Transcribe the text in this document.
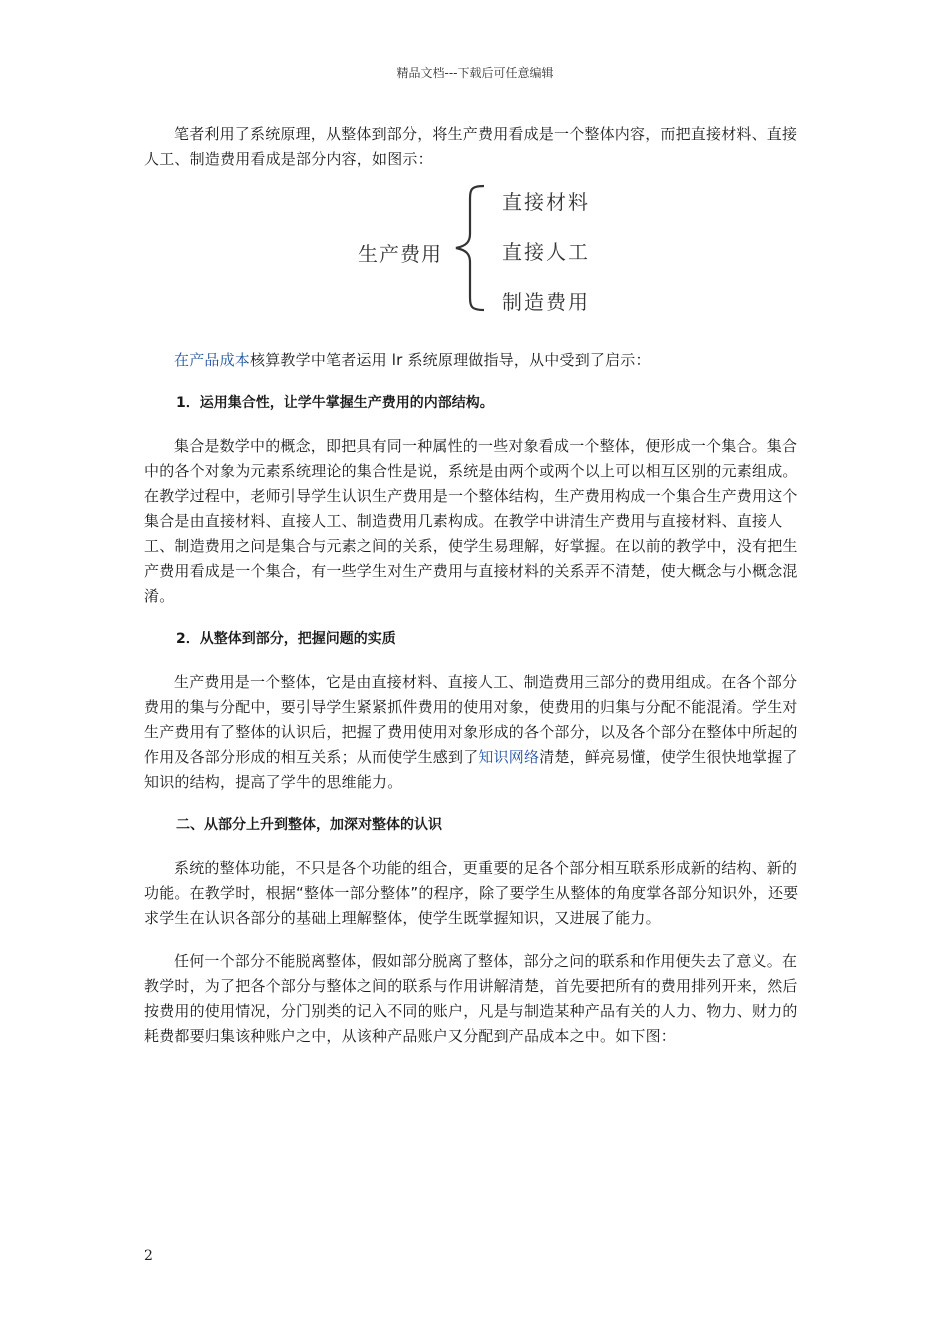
精品文档---下载后可任意编辑

笔者利用了系统原理，从整体到部分，将生产费用看成是一个整体内容，而把直接材料、直接人工、制造费用看成是部分内容，如图示：

生产费用
直接材料
直接人工
制造费用

在产品成本核算教学中笔者运用 lr 系统原理做指导，从中受到了启示：

1．运用集合性，让学牛掌握生产费用的内部结构。

集合是数学中的概念，即把具有同一种属性的一些对象看成一个整体，便形成一个集合。集合中的各个对象为元素系统理论的集合性是说，系统是由两个或两个以上可以相互区别的元素组成。在教学过程中，老师引导学生认识生产费用是一个整体结构，生产费用构成一个集合生产费用这个集合是由直接材料、直接人工、制造费用几素构成。在教学中讲清生产费用与直接材料、直接人工、制造费用之问是集合与元素之间的关系，使学生易理解，好掌握。在以前的教学中，没有把生产费用看成是一个集合，有一些学生对生产费用与直接材料的关系弄不清楚，使大概念与小概念混淆。

2．从整体到部分，把握问题的实质

生产费用是一个整体，它是由直接材料、直接人工、制造费用三部分的费用组成。在各个部分费用的集与分配中，要引导学生紧紧抓件费用的使用对象，使费用的归集与分配不能混淆。学生对生产费用有了整体的认识后，把握了费用使用对象形成的各个部分，以及各个部分在整体中所起的作用及各部分形成的相互关系；从而使学生感到了知识网络清楚，鲜亮易懂，使学生很快地掌握了知识的结构，提高了学牛的思维能力。

二、从部分上升到整体，加深对整体的认识

系统的整体功能，不只是各个功能的组合，更重要的足各个部分相互联系形成新的结构、新的功能。在教学时，根据“整体一部分整体”的程序，除了要学生从整体的角度掌各部分知识外，还要求学生在认识各部分的基础上理解整体，使学生既掌握知识，又进展了能力。

任何一个部分不能脱离整体，假如部分脱离了整体，部分之问的联系和作用便失去了意义。在教学时，为了把各个部分与整体之间的联系与作用讲解清楚，首先要把所有的费用排列开来，然后按费用的使用情况，分门别类的记入不同的账户，凡是与制造某种产品有关的人力、物力、财力的耗费都要归集该种账户之中，从该种产品账户又分配到产品成本之中。如下图：

2
